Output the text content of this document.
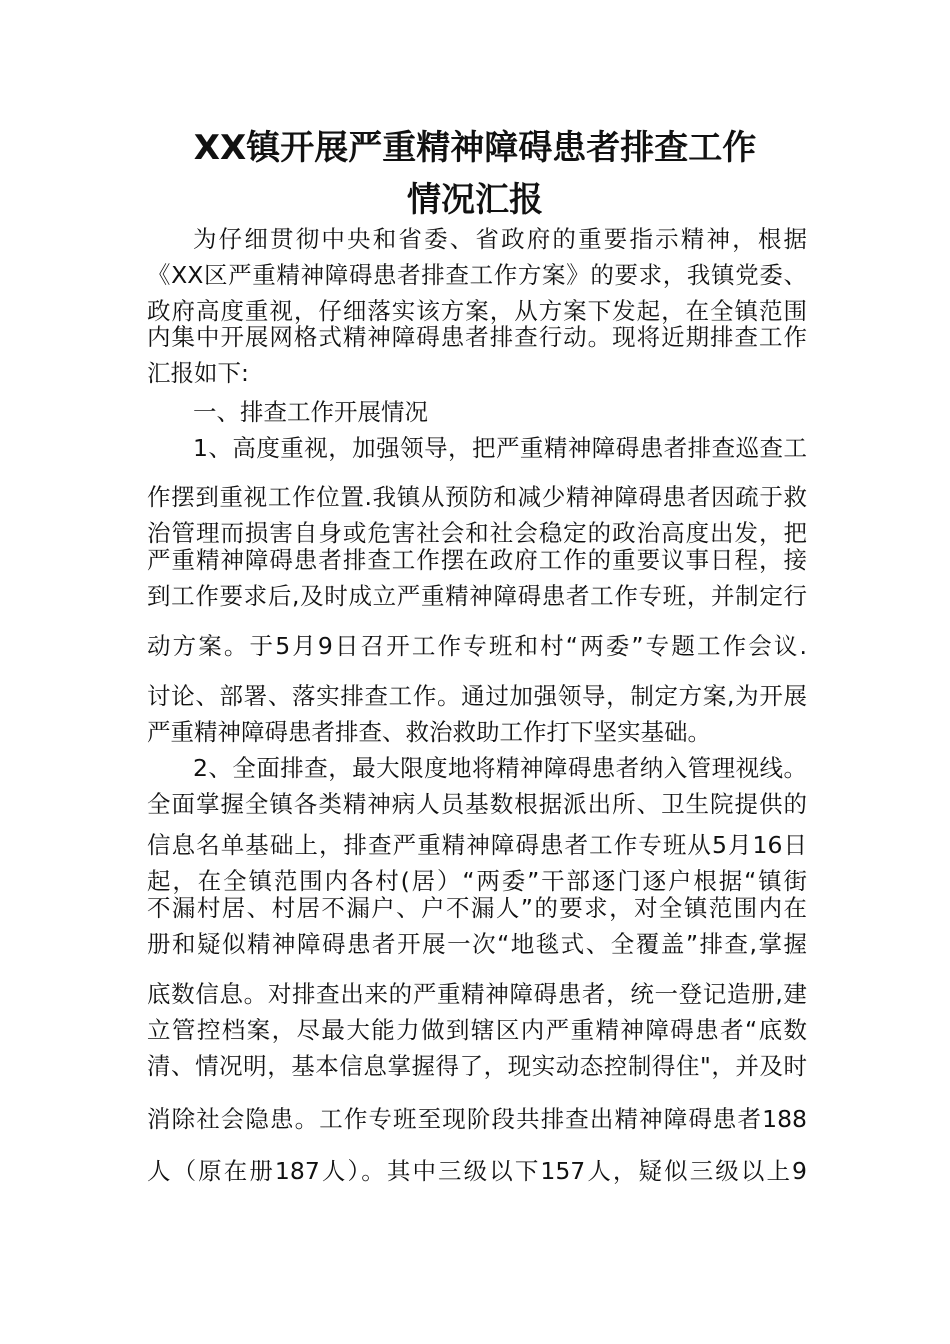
XX镇开展严重精神障碍患者排查工作
情况汇报
为仔细贯彻中央和省委、省政府的重要指示精神，根据
《XX区严重精神障碍患者排查工作方案》的要求，我镇党委、
政府高度重视，仔细落实该方案，从方案下发起，在全镇范围
内集中开展网格式精神障碍患者排查行动。现将近期排查工作
汇报如下:
一、排查工作开展情况
1、高度重视，加强领导，把严重精神障碍患者排查巡查工
作摆到重视工作位置.我镇从预防和减少精神障碍患者因疏于救
治管理而损害自身或危害社会和社会稳定的政治高度出发，把
严重精神障碍患者排查工作摆在政府工作的重要议事日程，接
到工作要求后,及时成立严重精神障碍患者工作专班，并制定行
动方案。于5月9日召开工作专班和村“两委”专题工作会议.
讨论、部署、落实排查工作。通过加强领导，制定方案,为开展
严重精神障碍患者排查、救治救助工作打下坚实基础。
2、全面排查，最大限度地将精神障碍患者纳入管理视线。
全面掌握全镇各类精神病人员基数根据派出所、卫生院提供的
信息名单基础上，排查严重精神障碍患者工作专班从5月16日
起，在全镇范围内各村(居）“两委”干部逐门逐户根据“镇街
不漏村居、村居不漏户、户不漏人”的要求，对全镇范围内在
册和疑似精神障碍患者开展一次“地毯式、全覆盖”排查,掌握
底数信息。对排查出来的严重精神障碍患者，统一登记造册,建
立管控档案，尽最大能力做到辖区内严重精神障碍患者“底数
清、情况明，基本信息掌握得了，现实动态控制得住"，并及时
消除社会隐患。工作专班至现阶段共排查出精神障碍患者188
人（原在册187人）。其中三级以下157人，疑似三级以上9
